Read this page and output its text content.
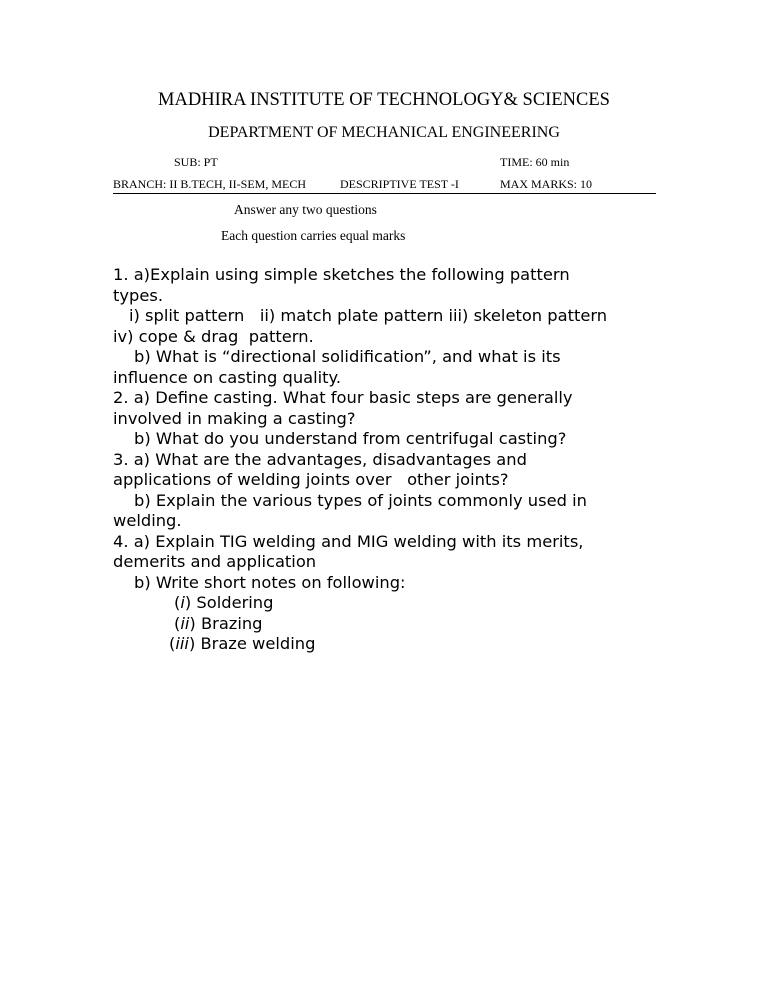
MADHIRA INSTITUTE OF TECHNOLOGY& SCIENCES
DEPARTMENT OF MECHANICAL ENGINEERING
SUB: PT	TIME: 60 min
BRANCH: II B.TECH, II-SEM, MECH	DESCRIPTIVE TEST -I	MAX MARKS: 10
Answer any two questions
Each question carries equal marks
1. a)Explain using simple sketches the following pattern
types.
i) split pattern   ii) match plate pattern iii) skeleton pattern
iv) cope & drag  pattern.
b) What is “directional solidification”, and what is its
influence on casting quality.
2. a) Define casting. What four basic steps are generally
involved in making a casting?
b) What do you understand from centrifugal casting?
3. a) What are the advantages, disadvantages and
applications of welding joints over   other joints?
b) Explain the various types of joints commonly used in
welding.
4. a) Explain TIG welding and MIG welding with its merits,
demerits and application
b) Write short notes on following:
(i) Soldering
(ii) Brazing
(iii) Braze welding
